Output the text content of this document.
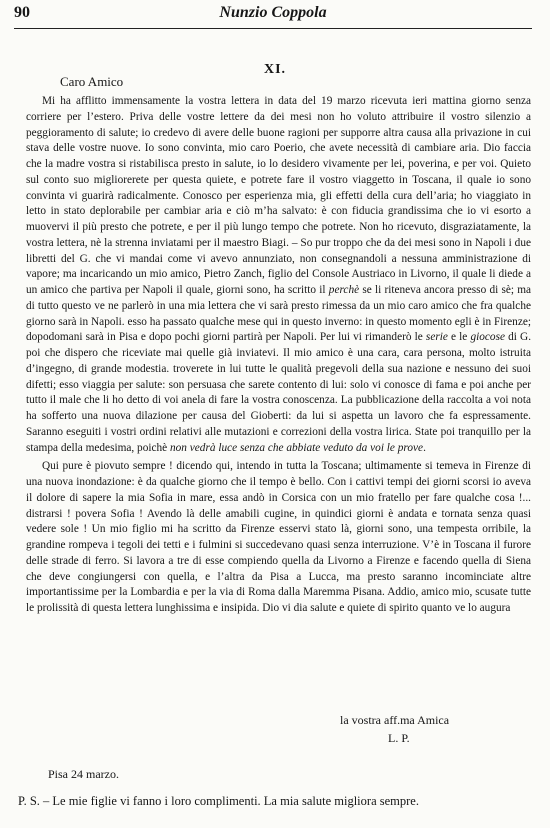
90	Nunzio Coppola
XI.
Caro Amico

Mi ha afflitto immensamente la vostra lettera in data del 19 marzo ricevuta ieri mattina giorno senza corriere per l’estero. Priva delle vostre lettere da dei mesi non ho voluto attribuire il vostro silenzio a peggioramento di salute; io credevo di avere delle buone ragioni per supporre altra causa alla privazione in cui stava delle vostre nuove. Io sono convinta, mio caro Poerio, che avete necessità di cambiare aria. Dio faccia che la madre vostra si ristabilisca presto in salute, io lo desidero vivamente per lei, poverina, e per voi. Quieto sul conto suo migliorerete per questa quiete, e potrete fare il vostro viaggetto in Toscana, il quale io sono convinta vi guarirà radicalmente. Conosco per esperienza mia, gli effetti della cura dell’aria; ho viaggiato in letto in stato deplorabile per cambiar aria e ciò m’ha salvato: è con fiducia grandissima che io vi esorto a muovervi il più presto che potrete, e per il più lungo tempo che potrete. Non ho ricevuto, disgraziatamente, la vostra lettera, nè la strenna inviatami per il maestro Biagi. – So pur troppo che da dei mesi sono in Napoli i due libretti del G. che vi mandai come vi avevo annunziato, non consegnandoli a nessuna amministrazione di vapore; ma incaricando un mio amico, Pietro Zanch, figlio del Console Austriaco in Livorno, il quale li diede a un amico che partiva per Napoli il quale, giorni sono, ha scritto il perchè se li riteneva ancora presso di sè; ma di tutto questo ve ne parlerò in una mia lettera che vi sarà presto rimessa da un mio caro amico che fra qualche giorno sarà in Napoli. esso ha passato qualche mese qui in questo inverno: in questo momento egli è in Firenze; dopodomani sarà in Pisa e dopo pochi giorni partirà per Napoli. Per lui vi rimanderò le serie e le giocose di G. poi che dispero che riceviate mai quelle già inviatevi. Il mio amico è una cara, cara persona, molto istruita d’ingegno, di grande modestia. troverete in lui tutte le qualità pregevoli della sua nazione e nessuno dei suoi difetti; esso viaggia per salute: son persuasa che sarete contento di lui: solo vi conosce di fama e poi anche per tutto il male che li ho detto di voi anela di fare la vostra conoscenza. La pubblicazione della raccolta a voi nota ha sofferto una nuova dilazione per causa del Gioberti: da lui si aspetta un lavoro che fa espressamente. Saranno eseguiti i vostri ordini relativi alle mutazioni e correzioni della vostra lirica. State poi tranquillo per la stampa della medesima, poichè non vedrà luce senza che abbiate veduto da voi le prove.

Qui pure è piovuto sempre ! dicendo qui, intendo in tutta la Toscana; ultimamente si temeva in Firenze di una nuova inondazione: è da qualche giorno che il tempo è bello. Con i cattivi tempi dei giorni scorsi io aveva il dolore di sapere la mia Sofia in mare, essa andò in Corsica con un mio fratello per fare qualche cosa !... distrarsi ! povera Sofia ! Avendo là delle amabili cugine, in quindici giorni è andata e tornata senza quasi vedere sole ! Un mio figlio mi ha scritto da Firenze esservi stato là, giorni sono, una tempesta orribile, la grandine rompeva i tegoli dei tetti e i fulmini si succedevano quasi senza interruzione. V’è in Toscana il furore delle strade di ferro. Si lavora a tre di esse compiendo quella da Livorno a Firenze e facendo quella di Siena che deve congiungersi con quella, e l’altra da Pisa a Lucca, ma presto saranno incominciate altre importantissime per la Lombardia e per la via di Roma dalla Maremma Pisana. Addio, amico mio, scusate tutte le prolissità di questa lettera lunghissima e insipida. Dio vi dia salute e quiete di spirito quanto ve lo augura

la vostra aff.ma Amica
L. P.
Pisa 24 marzo.
P. S. – Le mie figlie vi fanno i loro complimenti. La mia salute migliora sempre.
